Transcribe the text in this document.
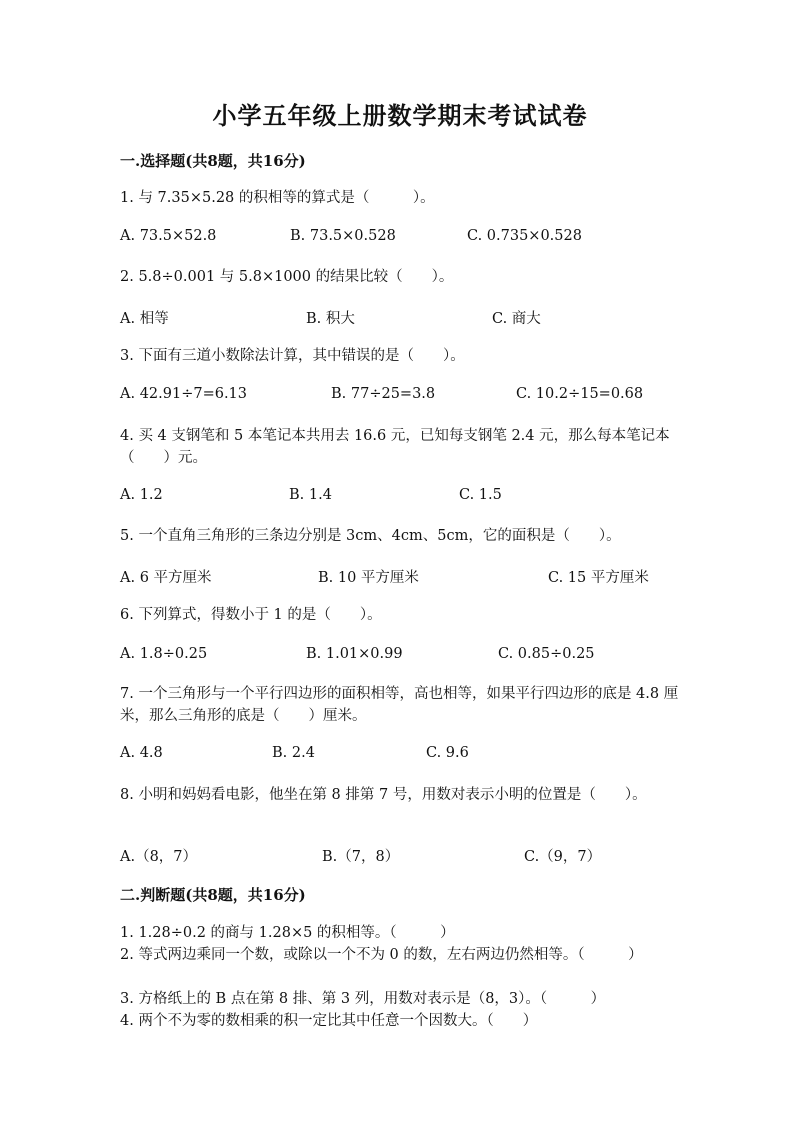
小学五年级上册数学期末考试试卷
一.选择题(共8题，共16分)
1. 与 7.35×5.28 的积相等的算式是（　　　）。
A. 73.5×52.8	B. 73.5×0.528	C. 0.735×0.528
2. 5.8÷0.001 与 5.8×1000 的结果比较（　　）。
A. 相等	B. 积大	C. 商大
3. 下面有三道小数除法计算，其中错误的是（　　）。
A. 42.91÷7=6.13	B. 77÷25=3.8	C. 10.2÷15=0.68
4. 买 4 支钢笔和 5 本笔记本共用去 16.6 元，已知每支钢笔 2.4 元，那么每本笔记本（　　）元。
A. 1.2	B. 1.4	C. 1.5
5. 一个直角三角形的三条边分别是 3cm、4cm、5cm，它的面积是（　　）。
A. 6 平方厘米	B. 10 平方厘米	C. 15 平方厘米
6. 下列算式，得数小于 1 的是（　　）。
A. 1.8÷0.25	B. 1.01×0.99	C. 0.85÷0.25
7. 一个三角形与一个平行四边形的面积相等，高也相等，如果平行四边形的底是 4.8 厘米，那么三角形的底是（　　）厘米。
A. 4.8	B. 2.4	C. 9.6
8. 小明和妈妈看电影，他坐在第 8 排第 7 号，用数对表示小明的位置是（　　）。
A.（8，7）	B.（7，8）	C.（9，7）
二.判断题(共8题，共16分)
1. 1.28÷0.2 的商与 1.28×5 的积相等。（　　　）
2. 等式两边乘同一个数，或除以一个不为 0 的数，左右两边仍然相等。（　　　）
3. 方格纸上的 B 点在第 8 排、第 3 列，用数对表示是（8，3）。（　　　）
4. 两个不为零的数相乘的积一定比其中任意一个因数大。（　　）
